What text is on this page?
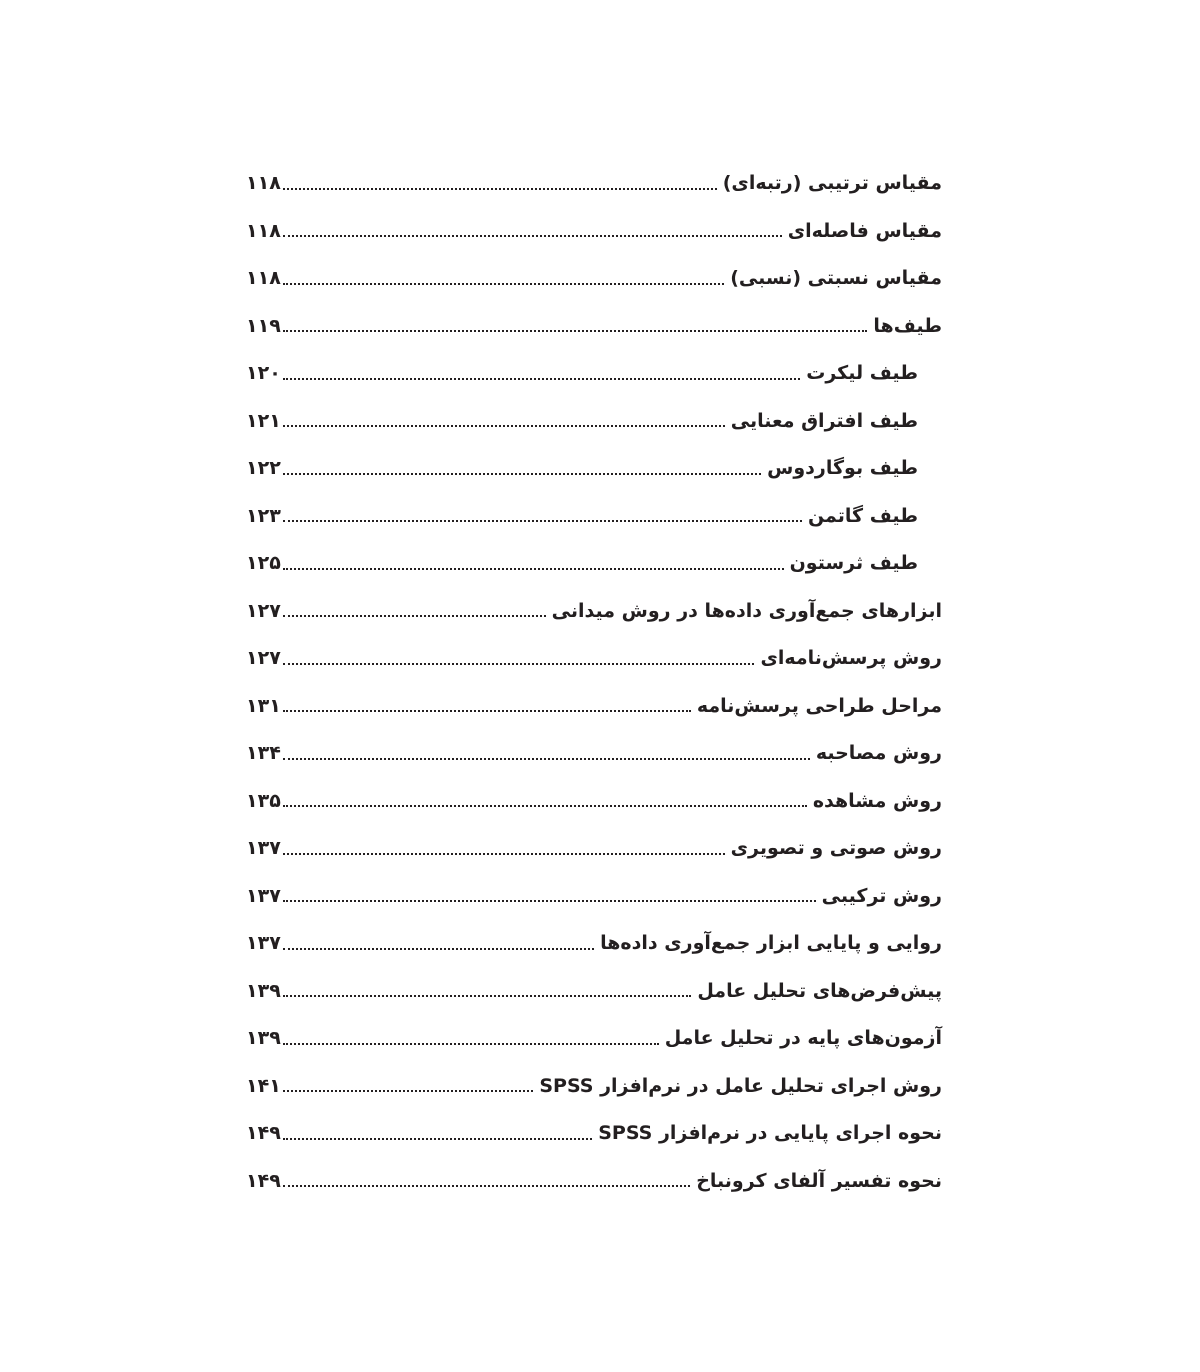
مقیاس ترتیبی (رتبه‌ای)
۱۱۸
مقیاس فاصله‌ای
۱۱۸
مقیاس نسبتی (نسبی)
۱۱۸
طیف‌ها
۱۱۹
طیف لیکرت
۱۲۰
طیف افتراق معنایی
۱۲۱
طیف بوگاردوس
۱۲۲
طیف گاتمن
۱۲۳
طیف ثرستون
۱۲۵
ابزارهای جمع‌آوری داده‌ها در روش میدانی
۱۲۷
روش پرسش‌نامه‌ای
۱۲۷
مراحل طراحی پرسش‌نامه
۱۳۱
روش مصاحبه
۱۳۴
روش مشاهده
۱۳۵
روش صوتی و تصویری
۱۳۷
روش ترکیبی
۱۳۷
روایی و پایایی ابزار جمع‌آوری داده‌ها
۱۳۷
پیش‌فرض‌های تحلیل عامل
۱۳۹
آزمون‌های پایه در تحلیل عامل
۱۳۹
روش اجرای تحلیل عامل در نرم‌افزار SPSS
۱۴۱
نحوه اجرای پایایی در نرم‌افزار SPSS
۱۴۹
نحوه تفسیر آلفای کرونباخ
۱۴۹
